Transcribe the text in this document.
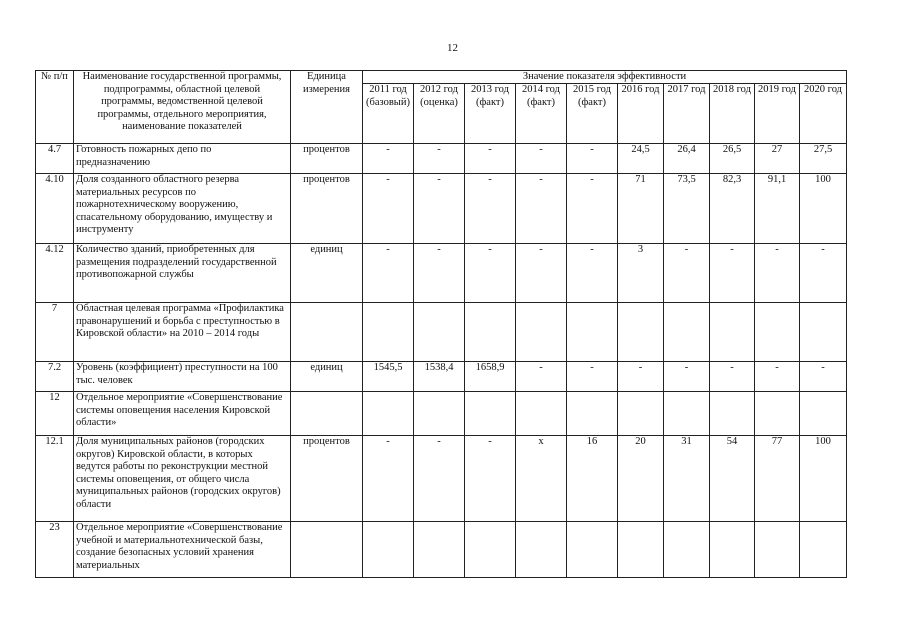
12
№ п/п	Наименование государственной программы, подпрограммы, областной целевой программы, ведомственной целевой программы, отдельного мероприятия, наименование показателей	Единица измерения	Значение показателя эффективности									
			2011 год (базовый)	2012 год (оценка)	2013 год (факт)	2014 год (факт)	2015 год (факт)	2016 год	2017 год	2018 год	2019 год	2020 год
4.7	Готовность пожарных депо по предназначению	процентов	-	-	-	-	-	24,5	26,4	26,5	27	27,5
4.10	Доля созданного областного резерва материальных ресурсов по пожарнотехническому вооружению, спасательному оборудованию, имуществу и инструменту	процентов	-	-	-	-	-	71	73,5	82,3	91,1	100
4.12	Количество зданий, приобретенных для размещения подразделений государственной противопожарной службы	единиц	-	-	-	-	-	3	-	-	-	-
7	Областная целевая программа «Профилактика правонарушений и борьба с преступностью в Кировской области» на 2010 – 2014 годы											
7.2	Уровень (коэффициент) преступности на 100 тыс. человек	единиц	1545,5	1538,4	1658,9	-	-	-	-	-	-	-
12	Отдельное мероприятие «Совершенствование системы оповещения населения Кировской области»											
12.1	Доля муниципальных районов (городских округов) Кировской области, в которых ведутся работы по реконструкции местной системы оповещения, от общего числа муниципальных районов (городских округов) области	процентов	-	-	-	x	16	20	31	54	77	100
23	Отдельное мероприятие «Совершенствование учебной и материальнотехнической базы, создание безопасных условий хранения материальных											
